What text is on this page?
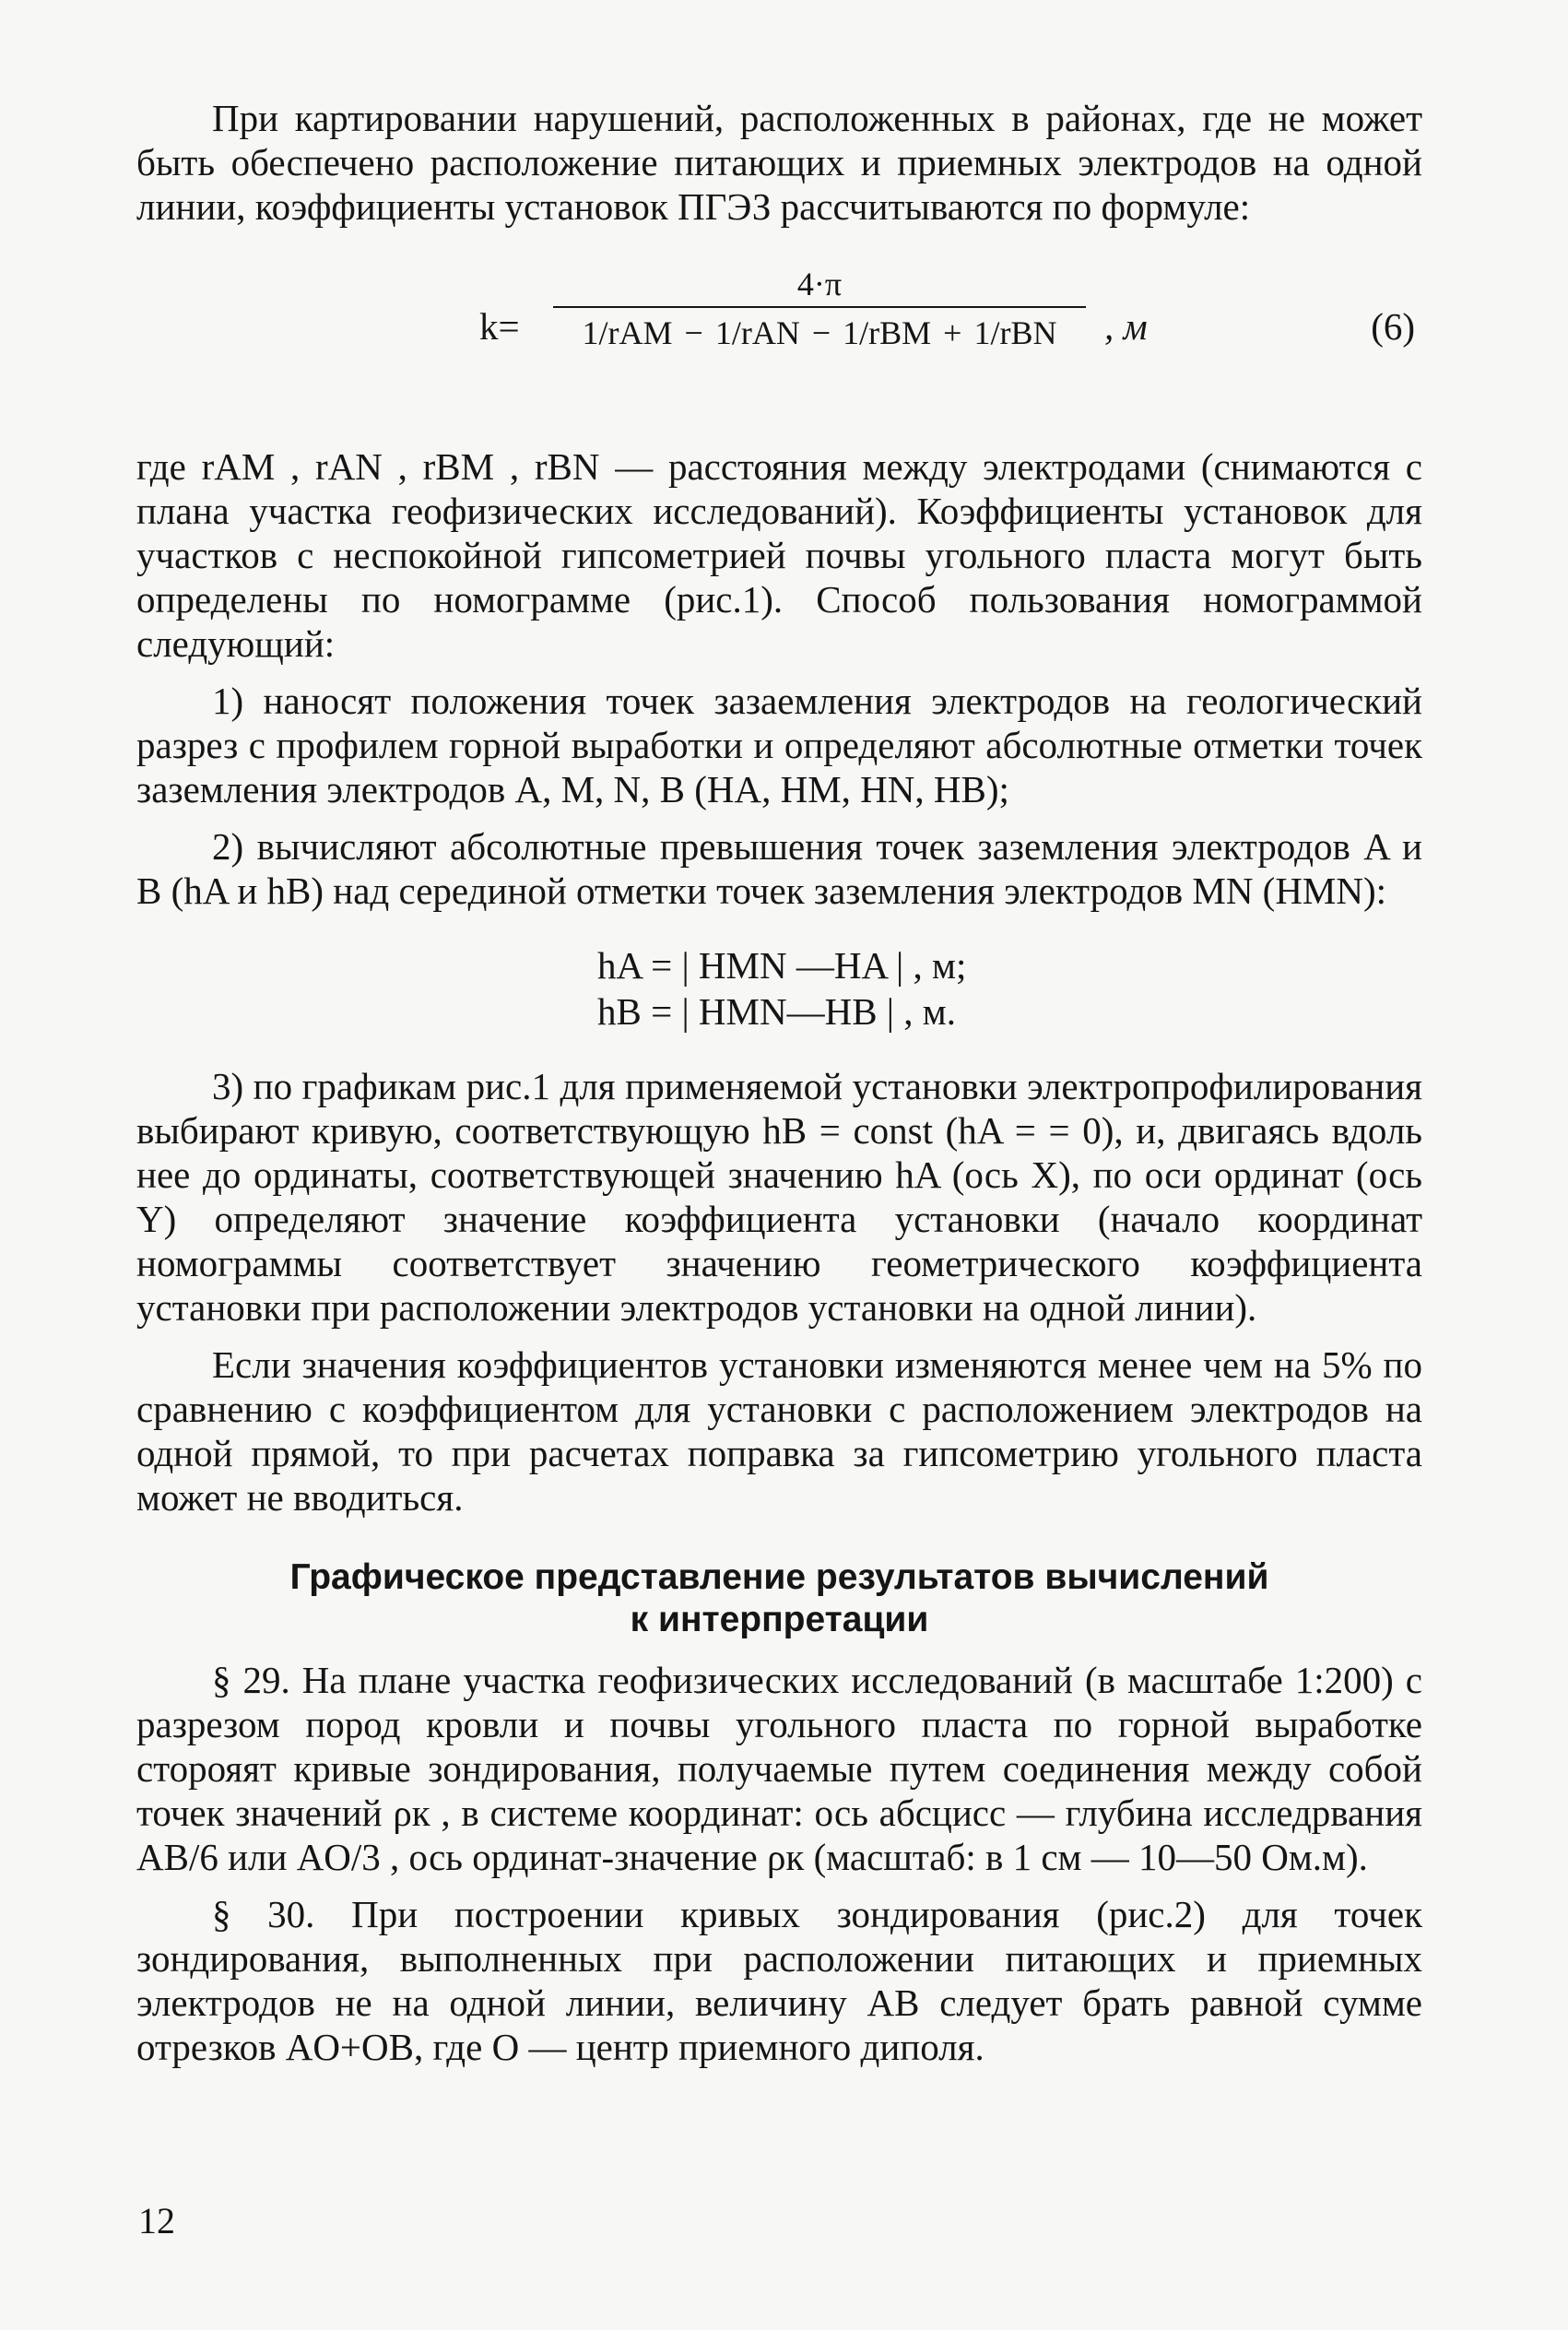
При картировании нарушений, расположенных в районах, где не может быть обеспечено расположение питающих и приемных электродов на одной линии, коэффициенты установок ПГЭЗ рассчитываются по формуле:

k=
4·π
1/rAM − 1/rAN − 1/rBM + 1/rBN	, м	(6)

где rAM , rAN , rBM , rBN — расстояния между электродами (снимаются с плана участка геофизических исследований). Коэффициенты установок для участков с неспокойной гипсометрией почвы угольного пласта могут быть определены по номограмме (рис.1). Способ пользования номограммой следующий:

1) наносят положения точек зазаемления электродов на геологический разрез с профилем горной выработки и определяют абсолютные отметки точек заземления электродов A, M, N, B (HA, HM, HN, HB);

2) вычисляют абсолютные превышения точек заземления электродов A и B (hA и hB) над серединой отметки точек заземления электродов MN (HMN):

hA = | HMN —HA | , м;
hB = | HMN—HB | , м.

3) по графикам рис.1 для применяемой установки электропрофилирования выбирают кривую, соответствующую hB = const (hA = = 0), и, двигаясь вдоль нее до ординаты, соответствующей значению hA (ось X), по оси ординат (ось Y) определяют значение коэффициента установки (начало координат номограммы соответствует значению геометрического коэффициента установки при расположении электродов установки на одной линии).

Если значения коэффициентов установки изменяются менее чем на 5% по сравнению с коэффициентом для установки с расположением электродов на одной прямой, то при расчетах поправка за гипсометрию угольного пласта может не вводиться.

Графическое представление результатов вычислений
к интерпретации

§ 29. На плане участка геофизических исследований (в масштабе 1:200) с разрезом пород кровли и почвы угольного пласта по горной выработке сторояят кривые зондирования, получаемые путем соединения между собой точек значений ρк , в системе координат: ось абсцисс — глубина исследрвания AB/6 или AO/3 , ось ординат-значение ρк (масштаб: в 1 см — 10—50 Ом.м).

§ 30. При построении кривых зондирования (рис.2) для точек зондирования, выполненных при расположении питающих и приемных электродов не на одной линии, величину AB следует брать равной сумме отрезков AO+OB, где O — центр приемного диполя.

12
